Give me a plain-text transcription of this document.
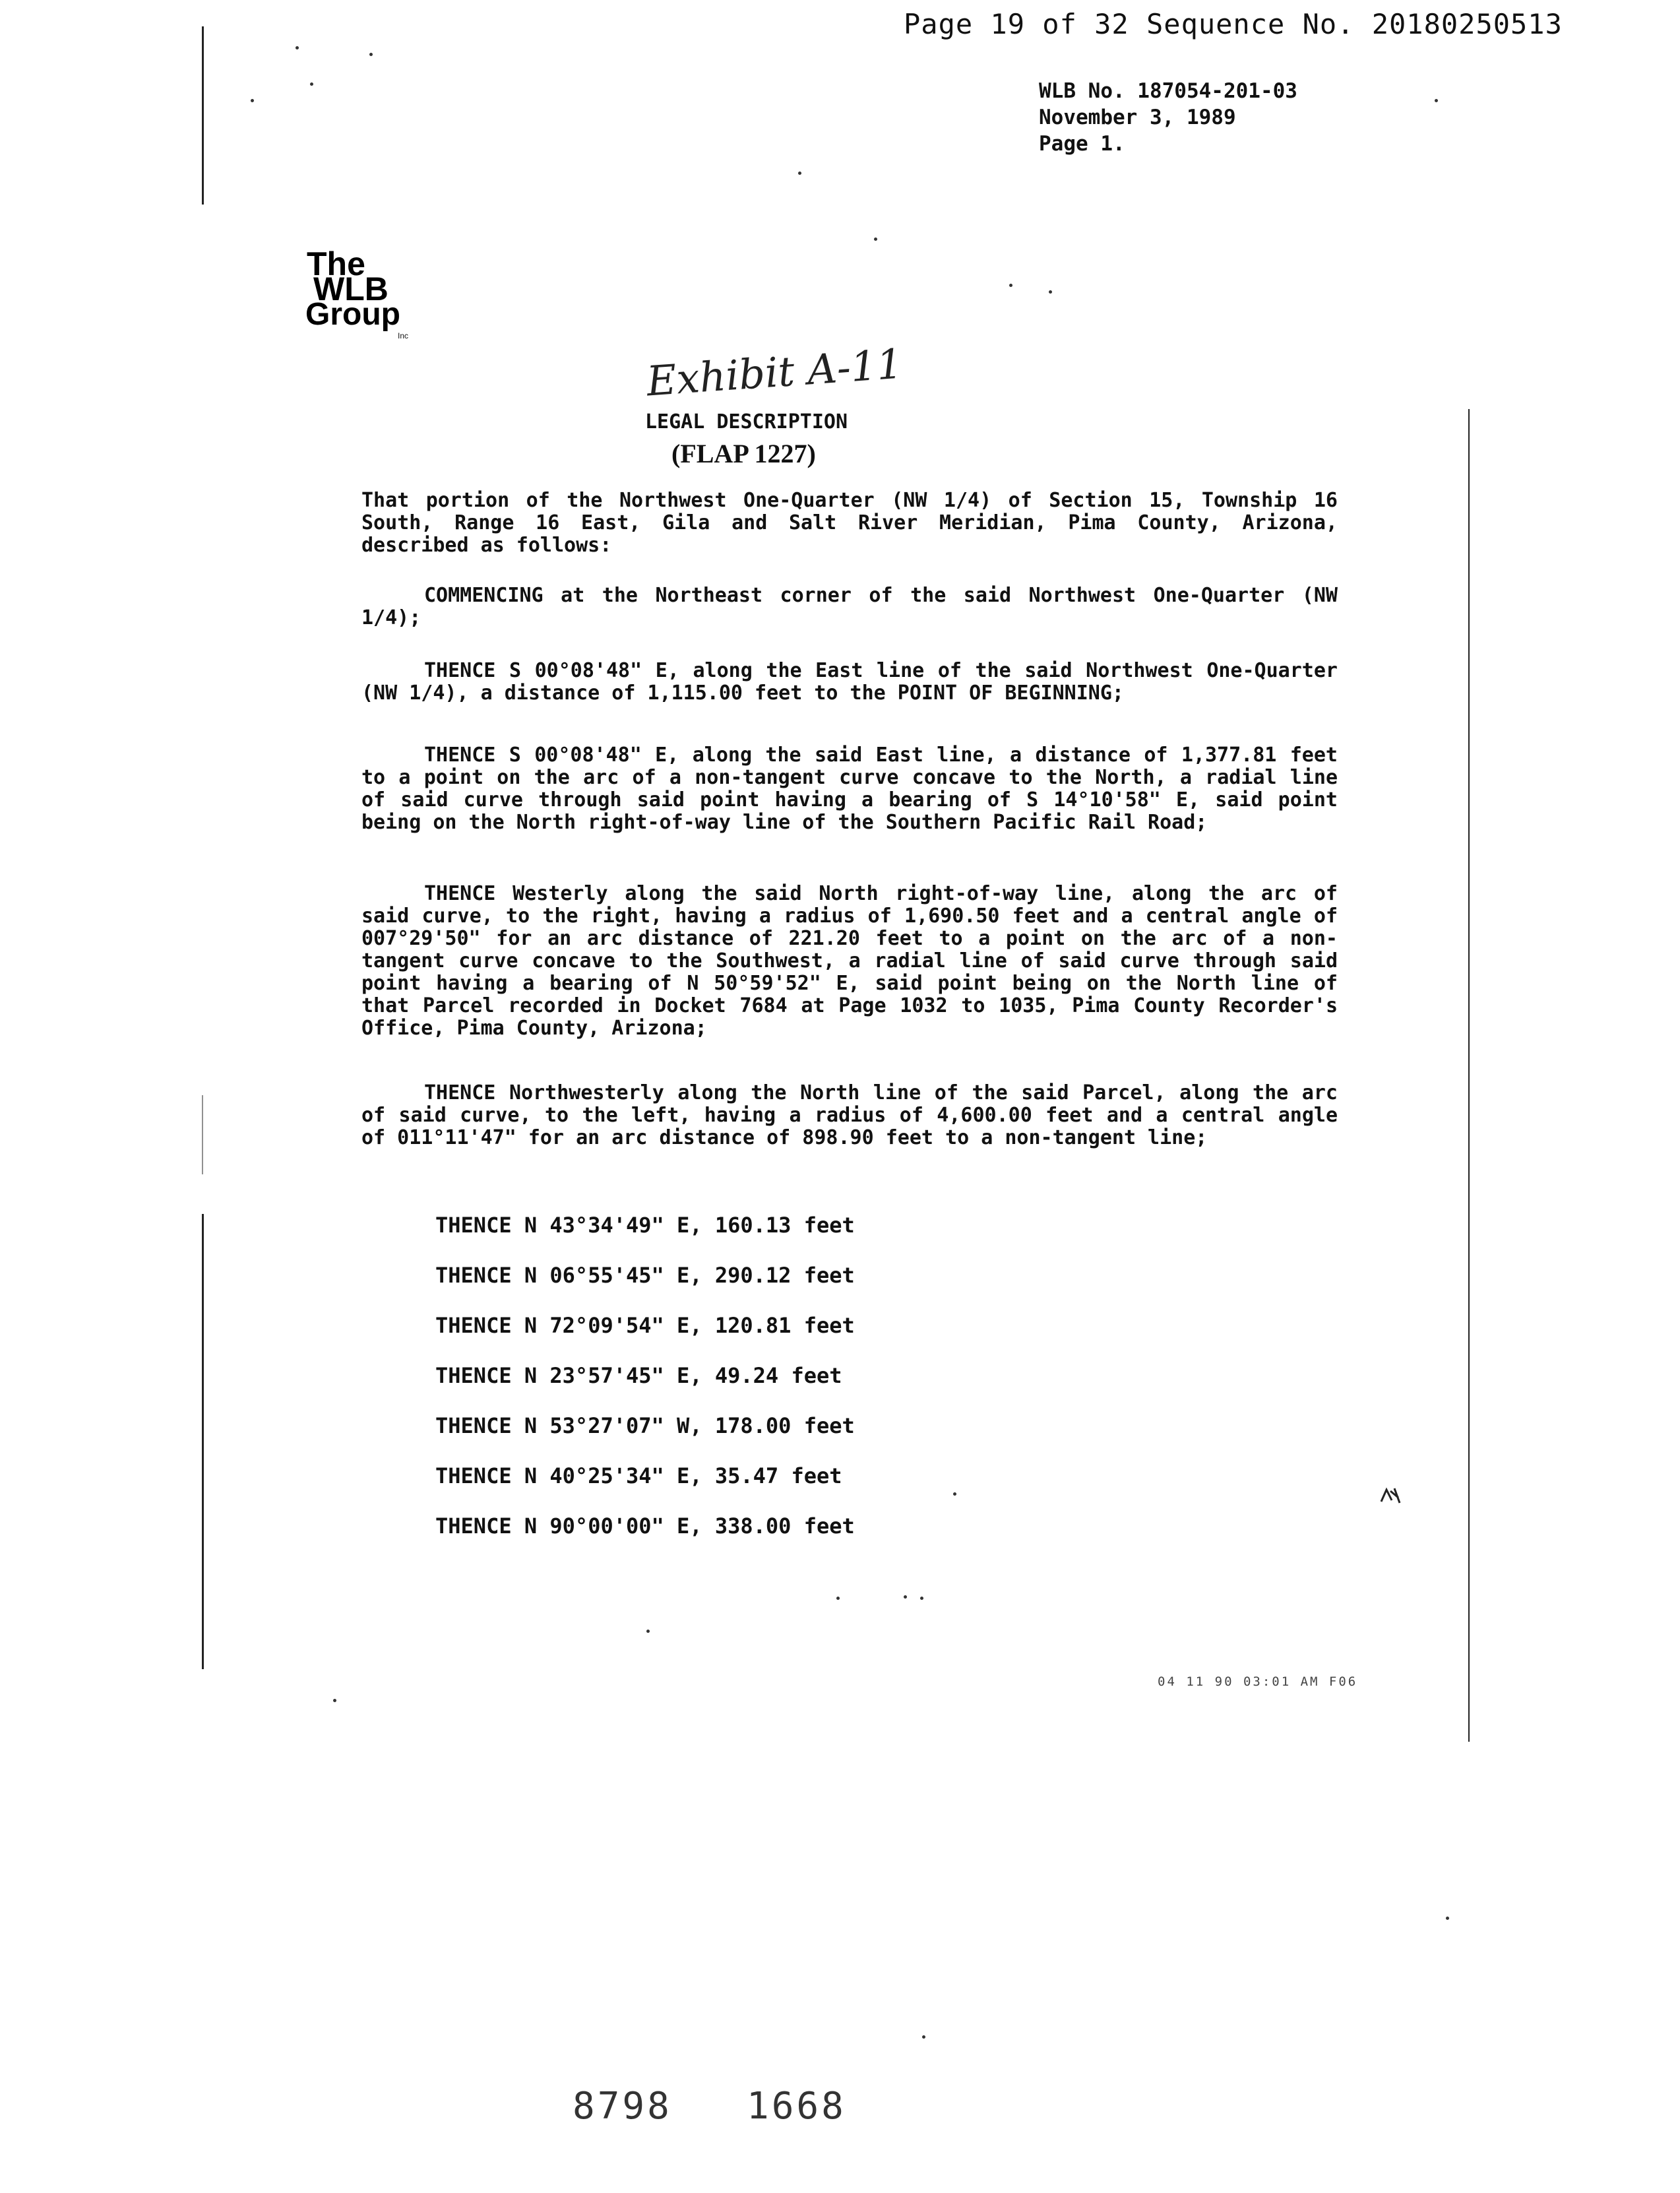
Page 19 of 32 Sequence No. 20180250513
WLB No. 187054-201-03
November 3, 1989
Page 1.
The
WLB
Group
Inc
Exhibit A-11
LEGAL DESCRIPTION
(FLAP 1227)
That portion of the Northwest One-Quarter (NW 1/4) of Section 15, Township 16 South, Range 16 East, Gila and Salt River Meridian, Pima County, Arizona, described as follows:
COMMENCING at the Northeast corner of the said Northwest One-Quarter (NW 1/4);
THENCE S 00°08'48" E, along the East line of the said Northwest One-Quarter (NW 1/4), a distance of 1,115.00 feet to the POINT OF BEGINNING;
THENCE S 00°08'48" E, along the said East line, a distance of 1,377.81 feet to a point on the arc of a non-tangent curve concave to the North, a radial line of said curve through said point having a bearing of S 14°10'58" E, said point being on the North right-of-way line of the Southern Pacific Rail Road;
THENCE Westerly along the said North right-of-way line, along the arc of said curve, to the right, having a radius of 1,690.50 feet and a central angle of 007°29'50" for an arc distance of 221.20 feet to a point on the arc of a non-tangent curve concave to the Southwest, a radial line of said curve through said point having a bearing of N 50°59'52" E, said point being on the North line of that Parcel recorded in Docket 7684 at Page 1032 to 1035, Pima County Recorder's Office, Pima County, Arizona;
THENCE Northwesterly along the North line of the said Parcel, along the arc of said curve, to the left, having a radius of 4,600.00 feet and a central angle of 011°11'47" for an arc distance of 898.90 feet to a non-tangent line;
THENCE N 43°34'49" E, 160.13 feet
THENCE N 06°55'45" E, 290.12 feet
THENCE N 72°09'54" E, 120.81 feet
THENCE N 23°57'45" E, 49.24 feet
THENCE N 53°27'07" W, 178.00 feet
THENCE N 40°25'34" E, 35.47 feet
THENCE N 90°00'00" E, 338.00 feet
04 11 90 03:01 AM F06
8798   1668
